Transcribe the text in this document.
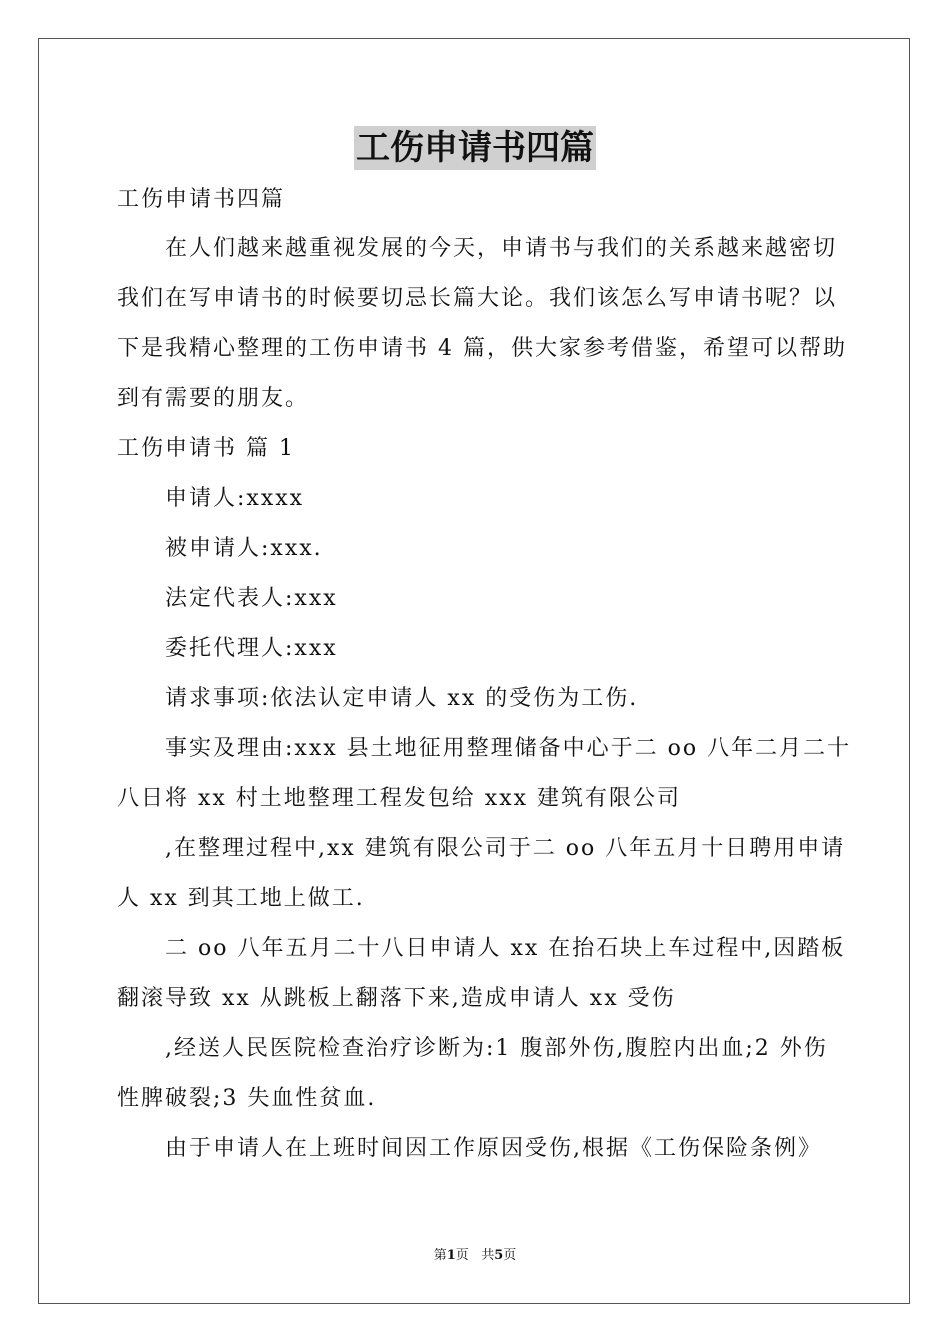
工伤申请书四篇
工伤申请书四篇
在人们越来越重视发展的今天，申请书与我们的关系越来越密切
我们在写申请书的时候要切忌长篇大论。我们该怎么写申请书呢？以
下是我精心整理的工伤申请书 4 篇，供大家参考借鉴，希望可以帮助
到有需要的朋友。
工伤申请书 篇 1
申请人:xxxx
被申请人:xxx.
法定代表人:xxx
委托代理人:xxx
请求事项:依法认定申请人 xx 的受伤为工伤.
事实及理由:xxx 县土地征用整理储备中心于二 oo 八年二月二十
八日将 xx 村土地整理工程发包给 xxx 建筑有限公司
,在整理过程中,xx 建筑有限公司于二 oo 八年五月十日聘用申请
人 xx 到其工地上做工.
二 oo 八年五月二十八日申请人 xx 在抬石块上车过程中,因踏板
翻滚导致 xx 从跳板上翻落下来,造成申请人 xx 受伤
,经送人民医院检查治疗诊断为:1 腹部外伤,腹腔内出血;2 外伤
性脾破裂;3 失血性贫血.
由于申请人在上班时间因工作原因受伤,根据《工伤保险条例》
第1页   共5页
